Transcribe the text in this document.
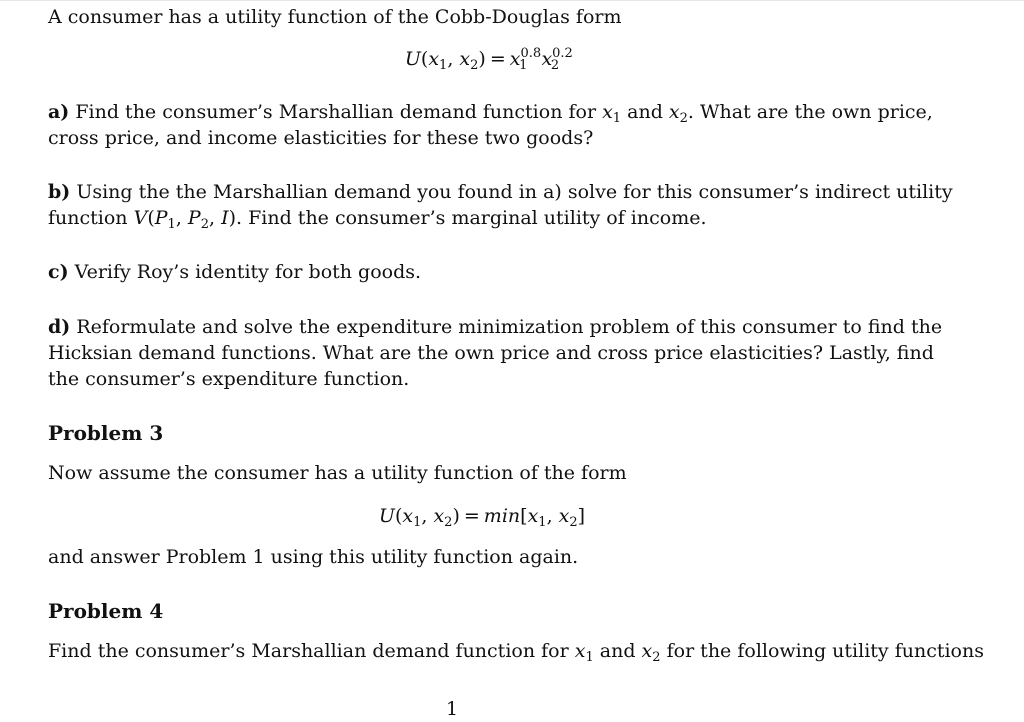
A consumer has a utility function of the Cobb-Douglas form

$U(x_1$, $x_2) = x^{0.8}_1$ $x^{0.2}_2$

a) Find the consumer’s Marshallian demand function for $x_1$ and $x_2$. What are the own price,

cross price, and income elasticities for these two goods?

b) Using the the Marshallian demand you found in a) solve for this consumer’s indirect utility

function $V(P_1$, $P_2$, I). Find the consumer’s marginal utility of income.

c) Verify Roy’s identity for both goods.

d) Reformulate and solve the expenditure minimization problem of this consumer to find the

Hicksian demand functions. What are the own price and cross price elasticities? Lastly, find

the consumer’s expenditure function.

Problem 3

Now assume the consumer has a utility function of the form

$U(x_1$, $x_2) = \min[x_1$, $x_2$]

and answer Problem 1 using this utility function again.

Problem 4

Find the consumer’s Marshallian demand function for $x_1$ and $x_2$ for the following utility functions

1
